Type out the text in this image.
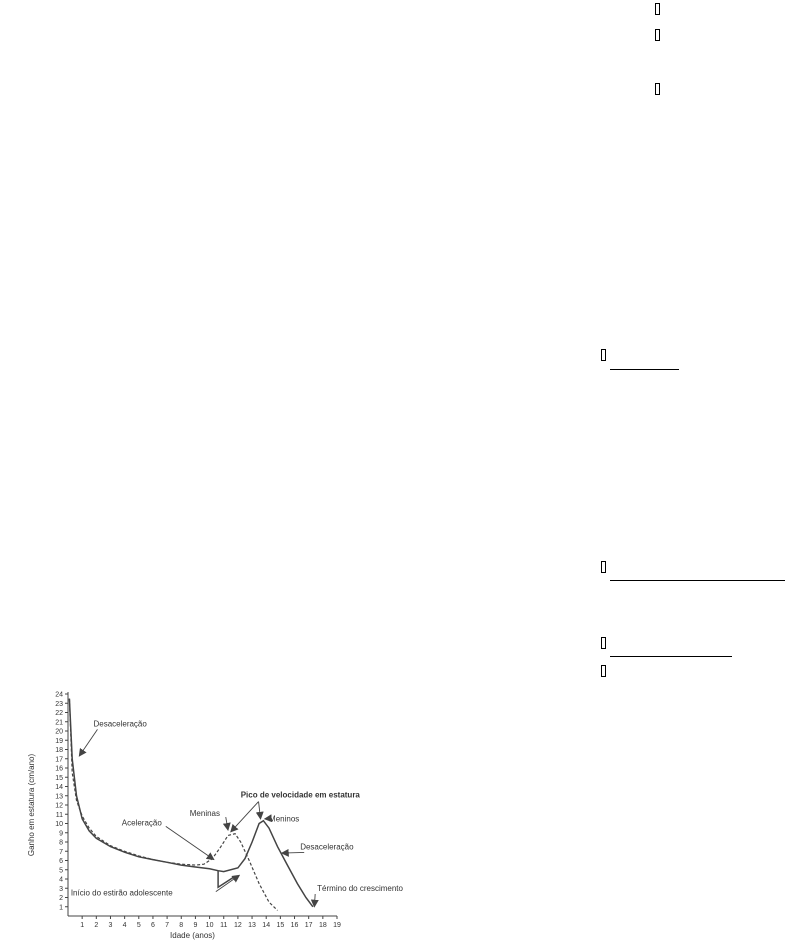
1 2 3 4 5 6 7 8 9 10 11 12 13 14 15 16 17 18 19
1
2
3
4
5
6
7
8
9
10
11
12
13
14
15
16
17
18
19
20
21
22
23
24
Desaceleração
Aceleração
Meninas
Pico de velocidade em estatura
Meninos
Desaceleração
Início do estirão adolescente
Término do crescimento
Idade (anos)
Ganho em estatura (cm/ano)
